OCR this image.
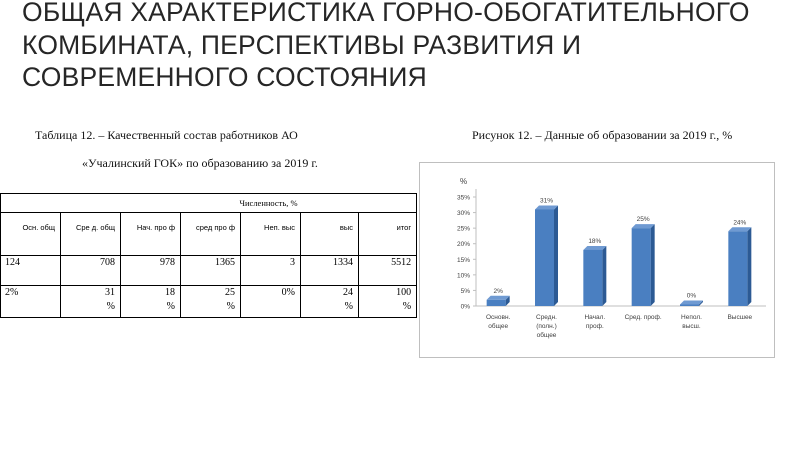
ОБЩАЯ ХАРАКТЕРИСТИКА ГОРНО-ОБОГАТИТЕЛЬНОГО КОМБИНАТА, ПЕРСПЕКТИВЫ РАЗВИТИЯ И СОВРЕМЕННОГО СОСТОЯНИЯ
Таблица 12. – Качественный состав работников АО
«Учалинский ГОК» по образованию за 2019 г.
Рисунок 12. – Данные об образовании за 2019 г., %
Численность, %						
Осн. общ	Сре д. общ	Нач. про ф	сред про ф	Неп. выс	выс	итог
124	708	978	1365	3	1334	5512
2%	31 %	18 %	25 %	0%	24 %	100 %
%
0%
5%
10%
15%
20%
25%
30%
35%
2%
Основн.
общее
31%
Средн.
(полн.)
общее
18%
Начал.
проф.
25%
Сред. проф.
0%
Непол.
высш.
24%
Высшее
